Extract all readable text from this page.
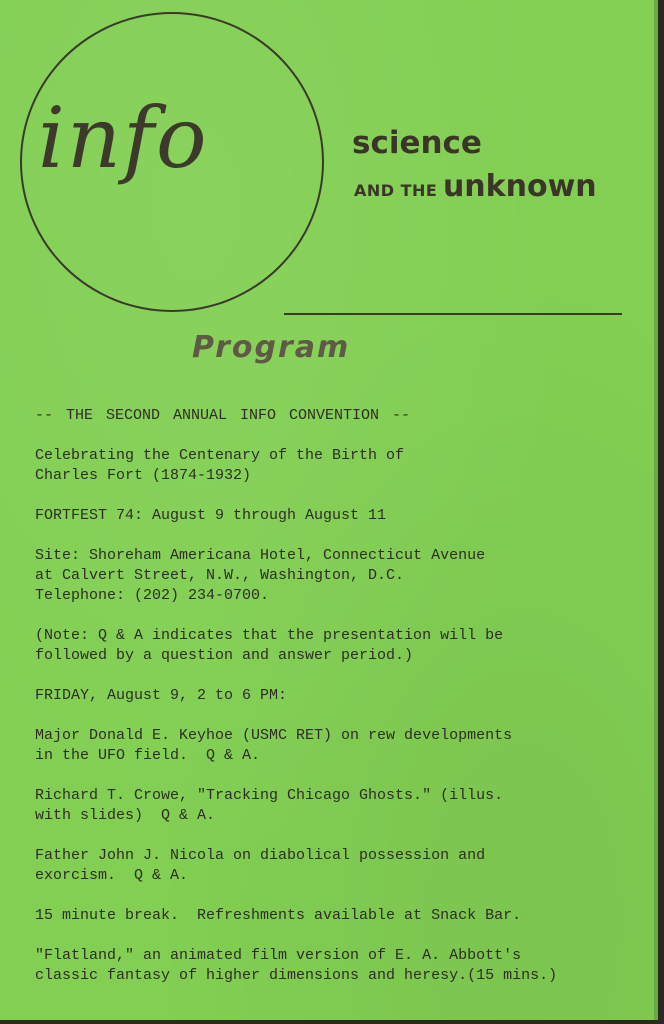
info	science
AND THE unknown
Program

-- THE SECOND ANNUAL INFO CONVENTION --

Celebrating the Centenary of the Birth of
Charles Fort (1874-1932)

FORTFEST 74: August 9 through August 11

Site: Shoreham Americana Hotel, Connecticut Avenue
at Calvert Street, N.W., Washington, D.C.
Telephone: (202) 234-0700.

(Note: Q & A indicates that the presentation will be
followed by a question and answer period.)

FRIDAY, August 9, 2 to 6 PM:

Major Donald E. Keyhoe (USMC RET) on rew developments
in the UFO field.  Q & A.

Richard T. Crowe, "Tracking Chicago Ghosts." (illus.
with slides)  Q & A.

Father John J. Nicola on diabolical possession and
exorcism.  Q & A.

15 minute break.  Refreshments available at Snack Bar.

"Flatland," an animated film version of E. A. Abbott's
classic fantasy of higher dimensions and heresy.(15 mins.)
